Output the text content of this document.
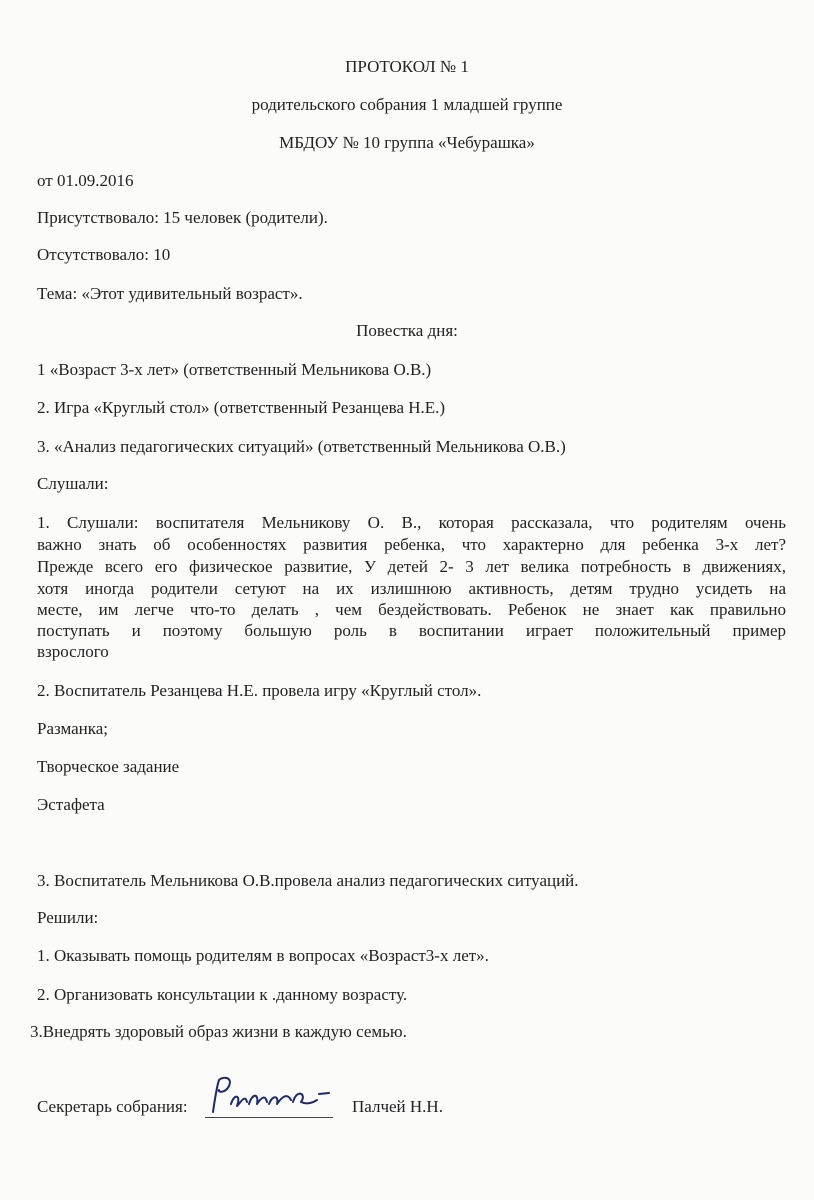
ПРОТОКОЛ № 1
родительского собрания 1 младшей группе
МБДОУ № 10 группа «Чебурашка»
от 01.09.2016
Присутствовало: 15 человек (родители).
Отсутствовало: 10
Тема: «Этот удивительный возраст».
Повестка дня:
1 «Возраст 3-х лет» (ответственный Мельникова О.В.)
2. Игра «Круглый стол» (ответственный Резанцева Н.Е.)
3. «Анализ педагогических ситуаций» (ответственный Мельникова О.В.)
Слушали:
1. Слушали: воспитателя Мельникову О. В., которая рассказала, что родителям очень
важно знать об особенностях развития ребенка, что характерно для ребенка 3-х лет?
Прежде всего его физическое развитие, У детей 2- 3 лет велика потребность в движениях,
хотя иногда родители сетуют на их излишнюю активность, детям трудно усидеть на
месте, им легче что-то делать , чем бездействовать. Ребенок не знает как правильно
поступать и поэтому большую роль в воспитании играет положительный пример
взрослого
2. Воспитатель Резанцева Н.Е. провела игру «Круглый стол».
Разманка;
Творческое задание
Эстафета
3. Воспитатель Мельникова О.В.провела анализ педагогических ситуаций.
Решили:
1. Оказывать помощь родителям в вопросах «Возраст3-х лет».
2. Организовать консультации к .данному возрасту.
3.Внедрять здоровый образ жизни в каждую семью.
Секретарь собрания:	Палчей Н.Н.
